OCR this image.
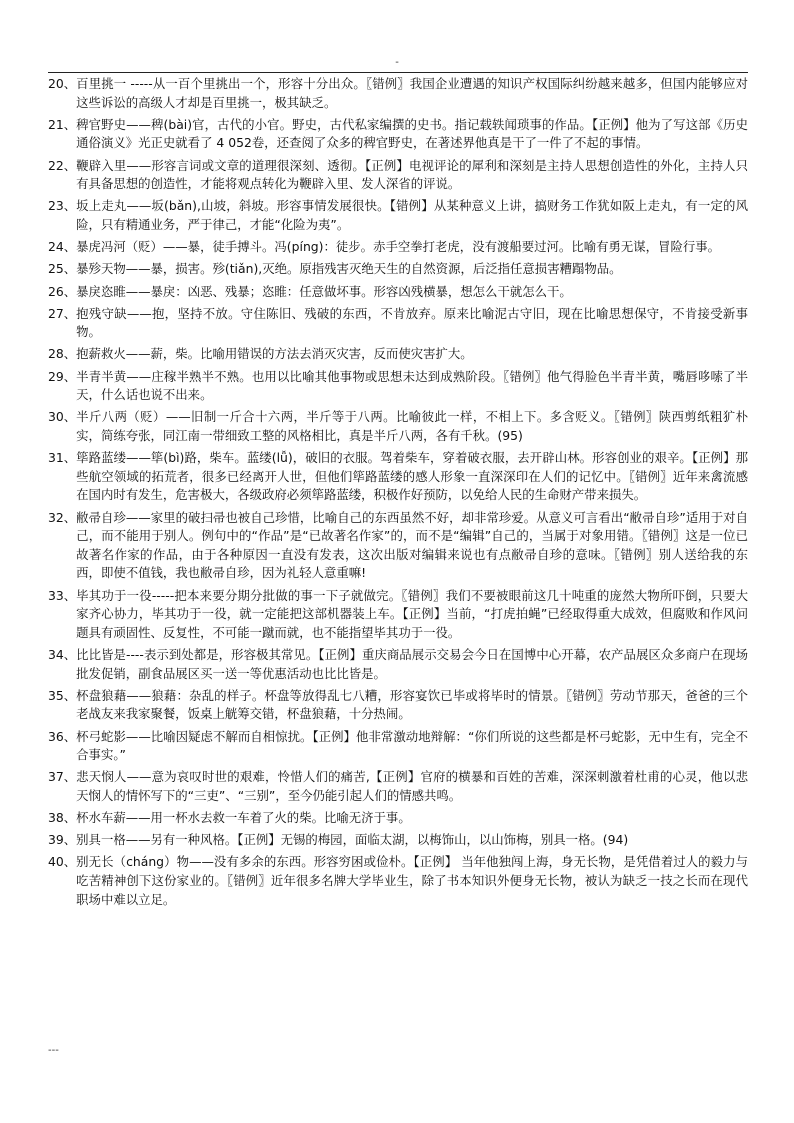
-
20、 百里挑一 -----从一百个里挑出一个，形容十分出众。〖错例〗我国企业遭遇的知识产权国际纠纷越来越多，但国内能够应对这些诉讼的高级人才却是百里挑一，极其缺乏。
21、 稗官野史——稗(bài)官，古代的小官。野史，古代私家编撰的史书。指记载轶闻琐事的作品。【正例】他为了写这部《历史通俗演义》光正史就看了 4 052卷，还查阅了众多的稗官野史，在著述界他真是干了一件了不起的事情。
22、 鞭辟入里——形容言词或文章的道理很深刻、透彻。【正例】电视评论的犀利和深刻是主持人思想创造性的外化，主持人只有具备思想的创造性，才能将观点转化为鞭辟入里、发人深省的评说。
23、 坂上走丸——坂(bǎn),山坡，斜坡。形容事情发展很快。【错例】从某种意义上讲，搞财务工作犹如阪上走丸，有一定的风险，只有精通业务，严于律己，才能“化险为夷”。
24、 暴虎冯河（贬）——暴，徒手搏斗。冯(píng)：徒步。赤手空拳打老虎，没有渡船要过河。比喻有勇无谋，冒险行事。
25、 暴殄天物——暴，损害。殄(tiǎn),灭绝。原指残害灭绝天生的自然资源，后泛指任意损害糟蹋物品。
26、 暴戾恣睢——暴戾：凶恶、残暴；恣睢：任意做坏事。形容凶残横暴，想怎么干就怎么干。
27、 抱残守缺——抱，坚持不放。守住陈旧、残破的东西，不肯放弃。原来比喻泥古守旧，现在比喻思想保守，不肯接受新事物。
28、 抱薪救火——薪，柴。比喻用错误的方法去消灭灾害，反而使灾害扩大。
29、 半青半黄——庄稼半熟半不熟。也用以比喻其他事物或思想未达到成熟阶段。〖错例〗他气得脸色半青半黄，嘴唇哆嗦了半天，什么话也说不出来。
30、 半斤八两（贬）——旧制一斤合十六两，半斤等于八两。比喻彼此一样，不相上下。多含贬义。〖错例〗陕西剪纸粗犷朴实，简练夸张，同江南一带细致工整的风格相比，真是半斤八两，各有千秋。(95)
31、 筚路蓝缕——筚(bì)路，柴车。蓝缕(lǚ)，破旧的衣服。驾着柴车，穿着破衣服，去开辟山林。形容创业的艰辛。【正例】那些航空领域的拓荒者，很多已经离开人世，但他们筚路蓝缕的感人形象一直深深印在人们的记忆中。〖错例〗近年来禽流感在国内时有发生，危害极大，各级政府必须筚路蓝缕，积极作好预防，以免给人民的生命财产带来损失。
32、 敝帚自珍——家里的破扫帚也被自己珍惜，比喻自己的东西虽然不好，却非常珍爱。从意义可言看出“敝帚自珍”适用于对自己，而不能用于别人。例句中的“作品”是“已故著名作家”的，而不是“编辑”自己的，当属于对象用错。〖错例〗这是一位已故著名作家的作品，由于各种原因一直没有发表，这次出版对编辑来说也有点敝帚自珍的意味。〖错例〗别人送给我的东西，即使不值钱，我也敝帚自珍，因为礼轻人意重嘛!
33、 毕其功于一役-----把本来要分期分批做的事一下子就做完。〖错例〗我们不要被眼前这几十吨重的庞然大物所吓倒，只要大家齐心协力，毕其功于一役，就一定能把这部机器装上车。【正例】当前，“打虎拍蝇”已经取得重大成效，但腐败和作风问题具有顽固性、反复性，不可能一蹴而就，也不能指望毕其功于一役。
34、 比比皆是----表示到处都是，形容极其常见。【正例】重庆商品展示交易会今日在国博中心开幕，农产品展区众多商户在现场批发促销，副食品展区买一送一等优惠活动也比比皆是。
35、 杯盘狼藉——狼藉：杂乱的样子。杯盘等放得乱七八糟，形容宴饮已毕或将毕时的情景。〖错例〗劳动节那天，爸爸的三个老战友来我家聚餐，饭桌上觥筹交错，杯盘狼藉，十分热闹。
36、 杯弓蛇影——比喻因疑虑不解而自相惊扰。【正例】他非常激动地辩解：“你们所说的这些都是杯弓蛇影，无中生有，完全不合事实。”
37、 悲天悯人——意为哀叹时世的艰难，怜惜人们的痛苦,【正例】官府的横暴和百姓的苦难，深深刺激着杜甫的心灵，他以悲天悯人的情怀写下的“三吏”、“三别”，至今仍能引起人们的情感共鸣。
38、 杯水车薪——用一杯水去救一车着了火的柴。比喻无济于事。
39、 别具一格——另有一种风格。【正例】无锡的梅园，面临太湖，以梅饰山，以山饰梅，别具一格。(94)
40、 别无长（cháng）物——没有多余的东西。形容穷困或俭朴。【正例】 当年他独闯上海，身无长物，是凭借着过人的毅力与吃苦精神创下这份家业的。〖错例〗近年很多名牌大学毕业生，除了书本知识外便身无长物，被认为缺乏一技之长而在现代职场中难以立足。
---
